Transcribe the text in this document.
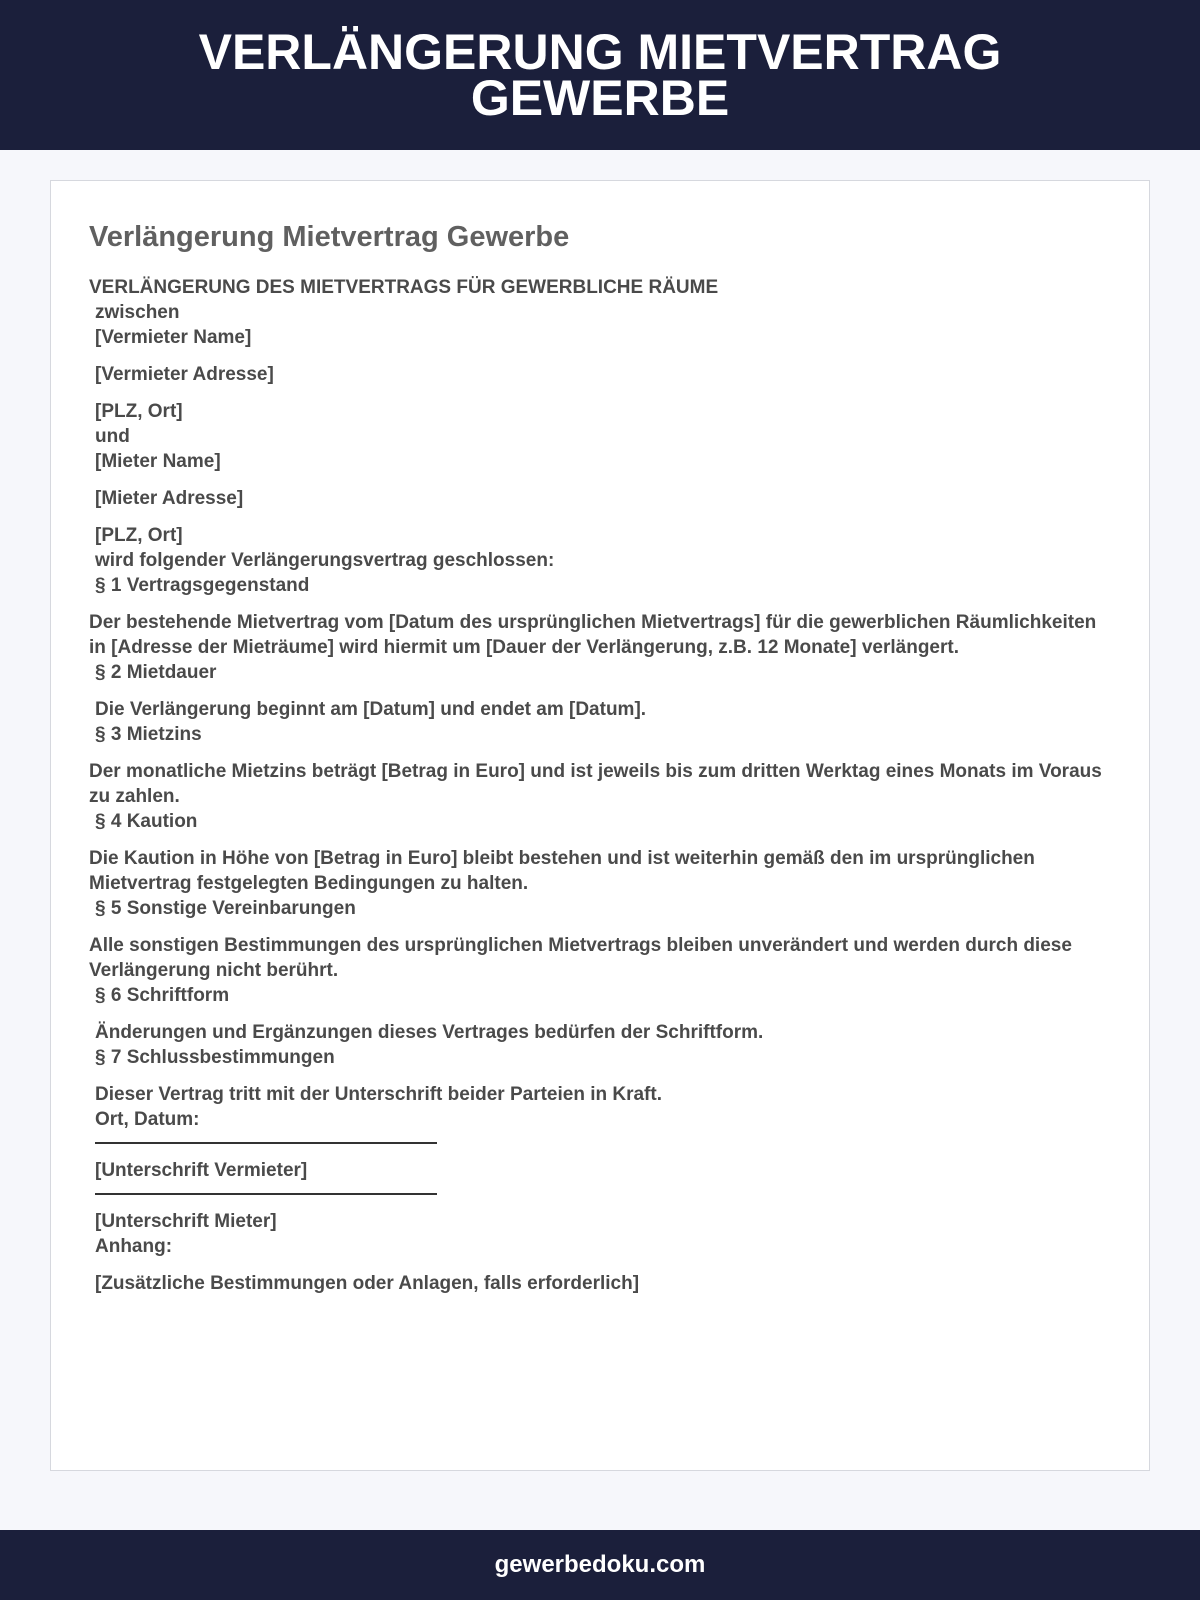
VERLÄNGERUNG MIETVERTRAG GEWERBE
Verlängerung Mietvertrag Gewerbe
VERLÄNGERUNG DES MIETVERTRAGS FÜR GEWERBLICHE RÄUME
zwischen
[Vermieter Name]
[Vermieter Adresse]
[PLZ, Ort]
und
[Mieter Name]
[Mieter Adresse]
[PLZ, Ort]
wird folgender Verlängerungsvertrag geschlossen:
§ 1 Vertragsgegenstand
Der bestehende Mietvertrag vom [Datum des ursprünglichen Mietvertrags] für die gewerblichen Räumlichkeiten in [Adresse der Mieträume] wird hiermit um [Dauer der Verlängerung, z.B. 12 Monate] verlängert.
§ 2 Mietdauer
Die Verlängerung beginnt am [Datum] und endet am [Datum].
§ 3 Mietzins
Der monatliche Mietzins beträgt [Betrag in Euro] und ist jeweils bis zum dritten Werktag eines Monats im Voraus zu zahlen.
§ 4 Kaution
Die Kaution in Höhe von [Betrag in Euro] bleibt bestehen und ist weiterhin gemäß den im ursprünglichen Mietvertrag festgelegten Bedingungen zu halten.
§ 5 Sonstige Vereinbarungen
Alle sonstigen Bestimmungen des ursprünglichen Mietvertrags bleiben unverändert und werden durch diese Verlängerung nicht berührt.
§ 6 Schriftform
Änderungen und Ergänzungen dieses Vertrages bedürfen der Schriftform.
§ 7 Schlussbestimmungen
Dieser Vertrag tritt mit der Unterschrift beider Parteien in Kraft.
Ort, Datum:
[Unterschrift Vermieter]
[Unterschrift Mieter]
Anhang:
[Zusätzliche Bestimmungen oder Anlagen, falls erforderlich]
gewerbedoku.com
